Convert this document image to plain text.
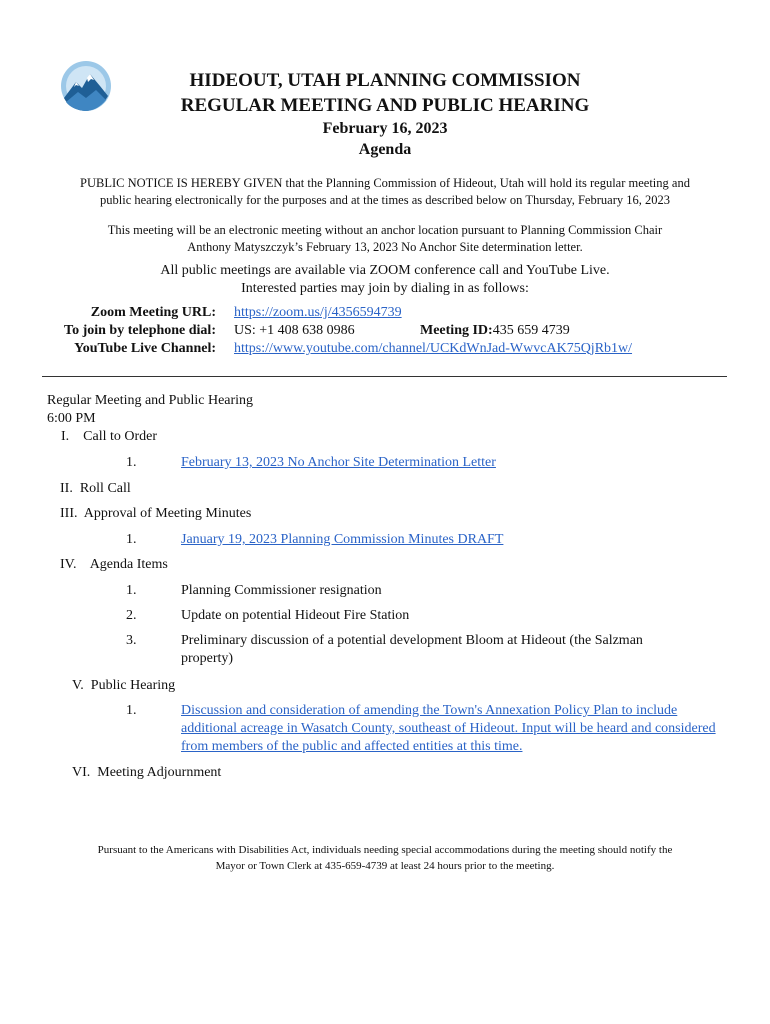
HIDEOUT, UTAH PLANNING COMMISSION
REGULAR MEETING AND PUBLIC HEARING
February 16, 2023
Agenda
PUBLIC NOTICE IS HEREBY GIVEN that the Planning Commission of Hideout, Utah will hold its regular meeting and
public hearing electronically for the purposes and at the times as described below on Thursday, February 16, 2023
This meeting will be an electronic meeting without an anchor location pursuant to Planning Commission Chair
Anthony Matyszczyk’s February 13, 2023 No Anchor Site determination letter.
All public meetings are available via ZOOM conference call and YouTube Live.
Interested parties may join by dialing in as follows:
Zoom Meeting URL: https://zoom.us/j/4356594739
To join by telephone dial: US: +1 408 638 0986	Meeting ID:435 659 4739
YouTube Live Channel: https://www.youtube.com/channel/UCKdWnJad-WwvcAK75QjRb1w/
Regular Meeting and Public Hearing
6:00 PM
I.    Call to Order
1.	February 13, 2023 No Anchor Site Determination Letter
II.  Roll Call
III.  Approval of Meeting Minutes
1.	January 19, 2023 Planning Commission Minutes DRAFT
IV.    Agenda Items
1.	Planning Commissioner resignation
2.	Update on potential Hideout Fire Station
3.	Preliminary discussion of a potential development Bloom at Hideout (the Salzman property)
V.  Public Hearing
1.	Discussion and consideration of amending the Town's Annexation Policy Plan to include additional acreage in Wasatch County, southeast of Hideout. Input will be heard and considered from members of the public and affected entities at this time.
VI.  Meeting Adjournment
Pursuant to the Americans with Disabilities Act, individuals needing special accommodations during the meeting should notify the
Mayor or Town Clerk at 435-659-4739 at least 24 hours prior to the meeting.
